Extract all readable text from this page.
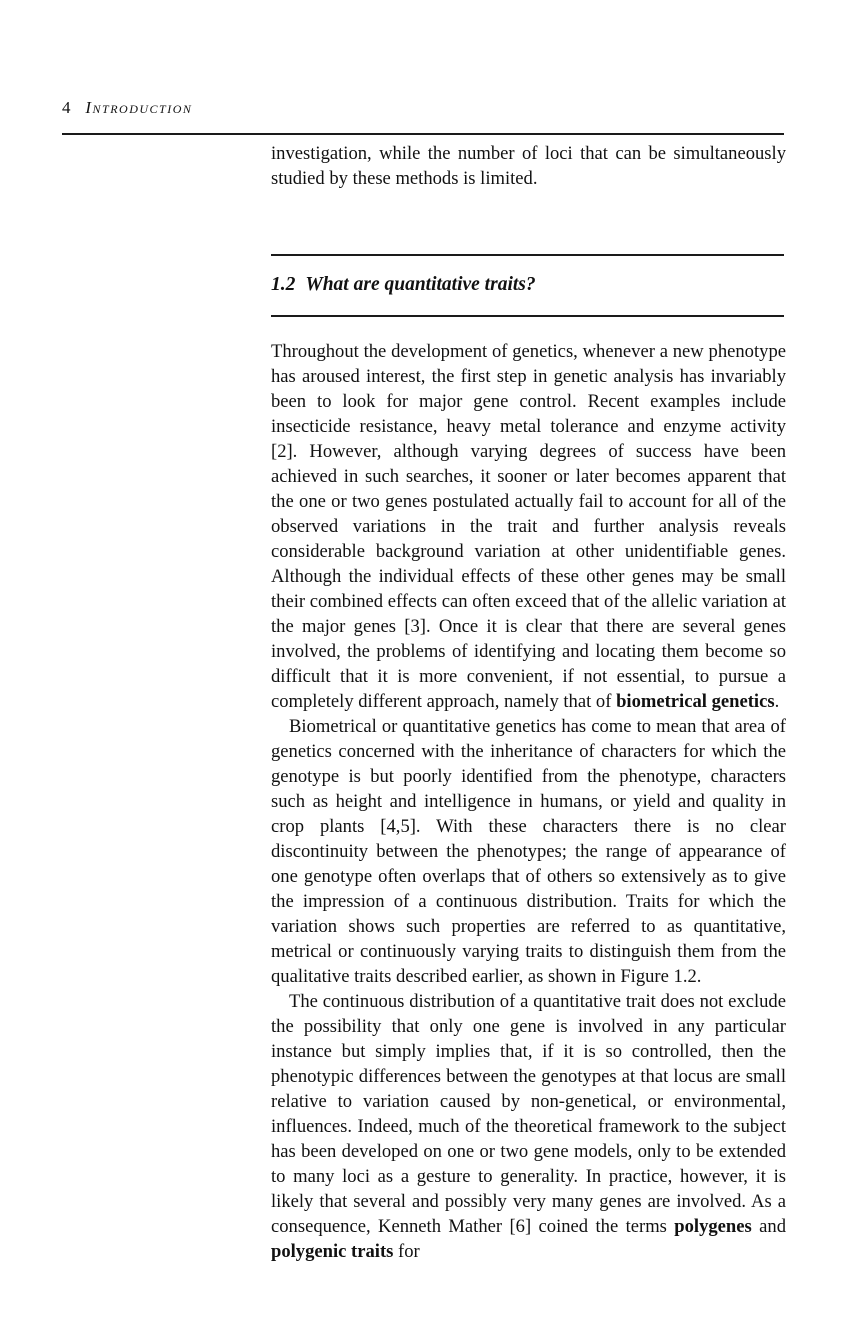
4 Introduction

investigation, while the number of loci that can be simultaneously studied by these methods is limited.

1.2 What are quantitative traits?

Throughout the development of genetics, whenever a new phenotype has aroused interest, the first step in genetic analysis has invariably been to look for major gene control. Recent examples include insecticide resistance, heavy metal tolerance and enzyme activity [2]. However, although varying degrees of success have been achieved in such searches, it sooner or later becomes apparent that the one or two genes postulated actually fail to account for all of the observed variations in the trait and further analysis reveals considerable background variation at other unidentifiable genes. Although the individual effects of these other genes may be small their combined effects can often exceed that of the allelic variation at the major genes [3]. Once it is clear that there are several genes involved, the problems of identifying and locating them become so difficult that it is more convenient, if not essential, to pursue a completely different approach, namely that of biometrical genetics.

Biometrical or quantitative genetics has come to mean that area of genetics concerned with the inheritance of characters for which the genotype is but poorly identified from the phenotype, characters such as height and intelligence in humans, or yield and quality in crop plants [4,5]. With these characters there is no clear discontinuity between the phenotypes; the range of appearance of one genotype often overlaps that of others so extensively as to give the impression of a continuous distribution. Traits for which the variation shows such properties are referred to as quantitative, metrical or continuously varying traits to distinguish them from the qualitative traits described earlier, as shown in Figure 1.2.

The continuous distribution of a quantitative trait does not exclude the possibility that only one gene is involved in any particular instance but simply implies that, if it is so controlled, then the phenotypic differences between the genotypes at that locus are small relative to variation caused by non-genetical, or environmental, influences. Indeed, much of the theoretical framework to the subject has been developed on one or two gene models, only to be extended to many loci as a gesture to generality. In practice, however, it is likely that several and possibly very many genes are involved. As a consequence, Kenneth Mather [6] coined the terms polygenes and polygenic traits for
